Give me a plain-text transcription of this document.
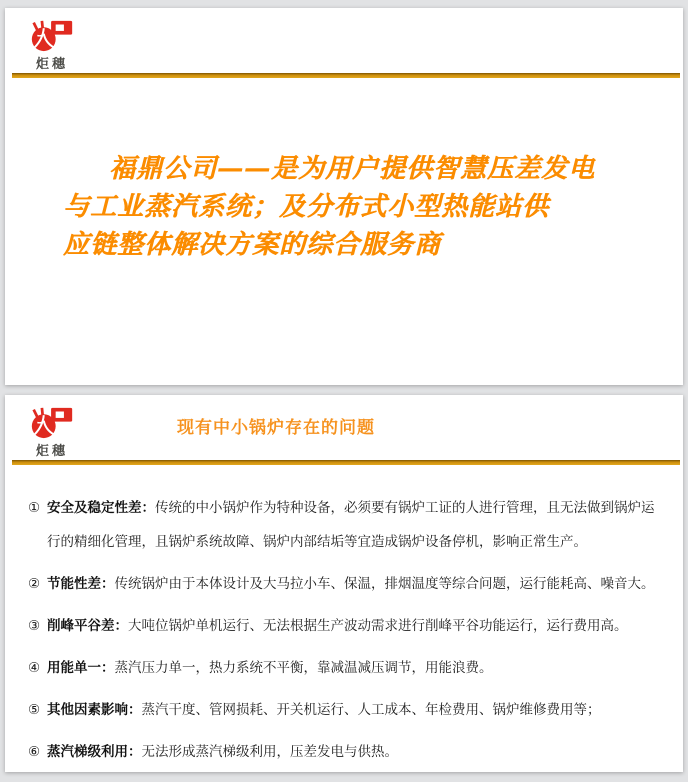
炬穗
福鼎公司——是为用户提供智慧压差发电
与工业蒸汽系统；及分布式小型热能站供
应链整体解决方案的综合服务商
炬穗
现有中小锅炉存在的问题
① 安全及稳定性差：传统的中小锅炉作为特种设备，必须要有锅炉工证的人进行管理，且无法做到锅炉运行的精细化管理，且锅炉系统故障、锅炉内部结垢等宜造成锅炉设备停机，影响正常生产。

② 节能性差：传统锅炉由于本体设计及大马拉小车、保温，排烟温度等综合问题，运行能耗高、噪音大。

③ 削峰平谷差：大吨位锅炉单机运行、无法根据生产波动需求进行削峰平谷功能运行，运行费用高。

④ 用能单一：蒸汽压力单一，热力系统不平衡，靠减温减压调节，用能浪费。

⑤ 其他因素影响：蒸汽干度、管网损耗、开关机运行、人工成本、年检费用、锅炉维修费用等；

⑥ 蒸汽梯级利用：无法形成蒸汽梯级利用，压差发电与供热。
